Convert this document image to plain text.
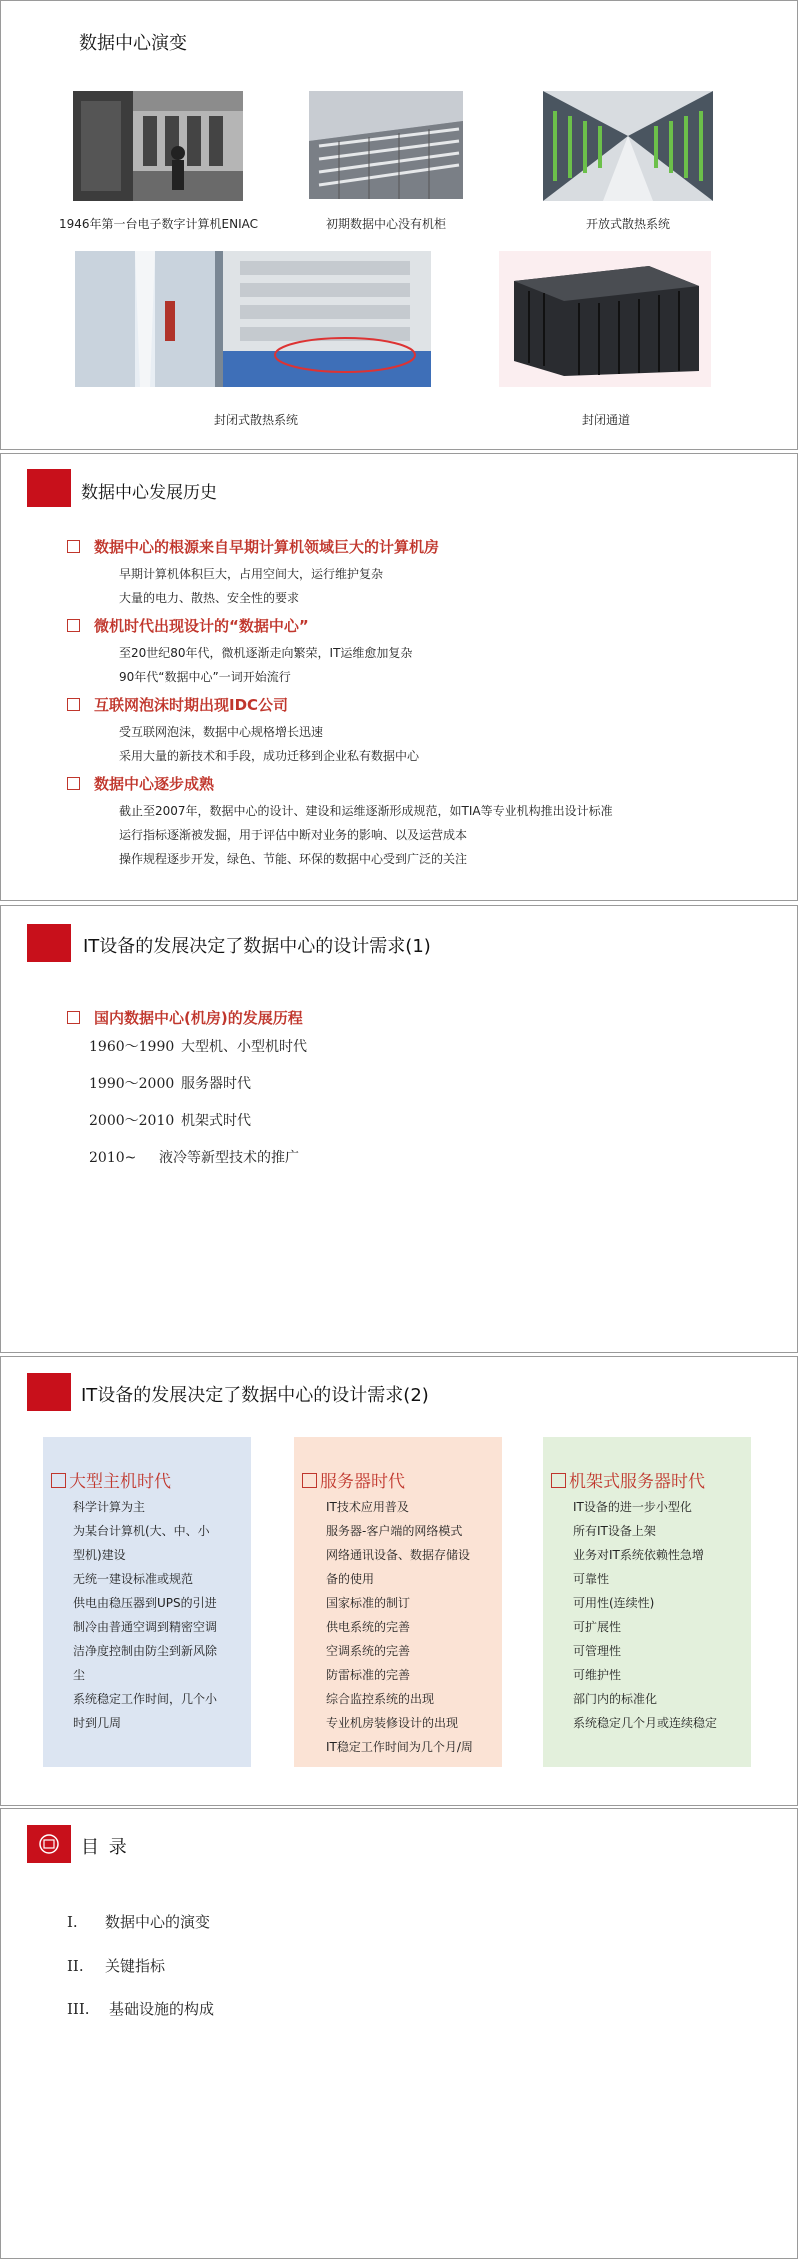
数据中心演变
1946年第一台电子数字计算机ENIAC	初期数据中心没有机柜	开放式散热系统
封闭式散热系统	封闭通道
数据中心发展历史
数据中心的根源来自早期计算机领域巨大的计算机房
早期计算机体积巨大，占用空间大，运行维护复杂
大量的电力、散热、安全性的要求
微机时代出现设计的“数据中心”
至20世纪80年代，微机逐渐走向繁荣，IT运维愈加复杂
90年代“数据中心”一词开始流行
互联网泡沫时期出现IDC公司
受互联网泡沫，数据中心规格增长迅速
采用大量的新技术和手段，成功迁移到企业私有数据中心
数据中心逐步成熟
截止至2007年，数据中心的设计、建设和运维逐渐形成规范，如TIA等专业机构推出设计标准
运行指标逐渐被发掘，用于评估中断对业务的影响、以及运营成本
操作规程逐步开发，绿色、节能、环保的数据中心受到广泛的关注
IT设备的发展决定了数据中心的设计需求(1)
国内数据中心(机房)的发展历程
1960～1990 大型机、小型机时代
1990～2000 服务器时代
2000～2010 机架式时代
2010~ 液冷等新型技术的推广
IT设备的发展决定了数据中心的设计需求(2)
大型主机时代
科学计算为主
为某台计算机(大、中、小
型机)建设
无统一建设标准或规范
供电由稳压器到UPS的引进
制冷由普通空调到精密空调
洁净度控制由防尘到新风除
尘
系统稳定工作时间，几个小
时到几周
服务器时代
IT技术应用普及
服务器-客户端的网络模式
网络通讯设备、数据存储设
备的使用
国家标准的制订
供电系统的完善
空调系统的完善
防雷标准的完善
综合监控系统的出现
专业机房装修设计的出现
IT稳定工作时间为几个月/周
机架式服务器时代
IT设备的进一步小型化
所有IT设备上架
业务对IT系统依赖性急增
可靠性
可用性(连续性)
可扩展性
可管理性
可维护性
部门内的标准化
系统稳定几个月或连续稳定
目 录
I. 数据中心的演变
II. 关键指标
III. 基础设施的构成
